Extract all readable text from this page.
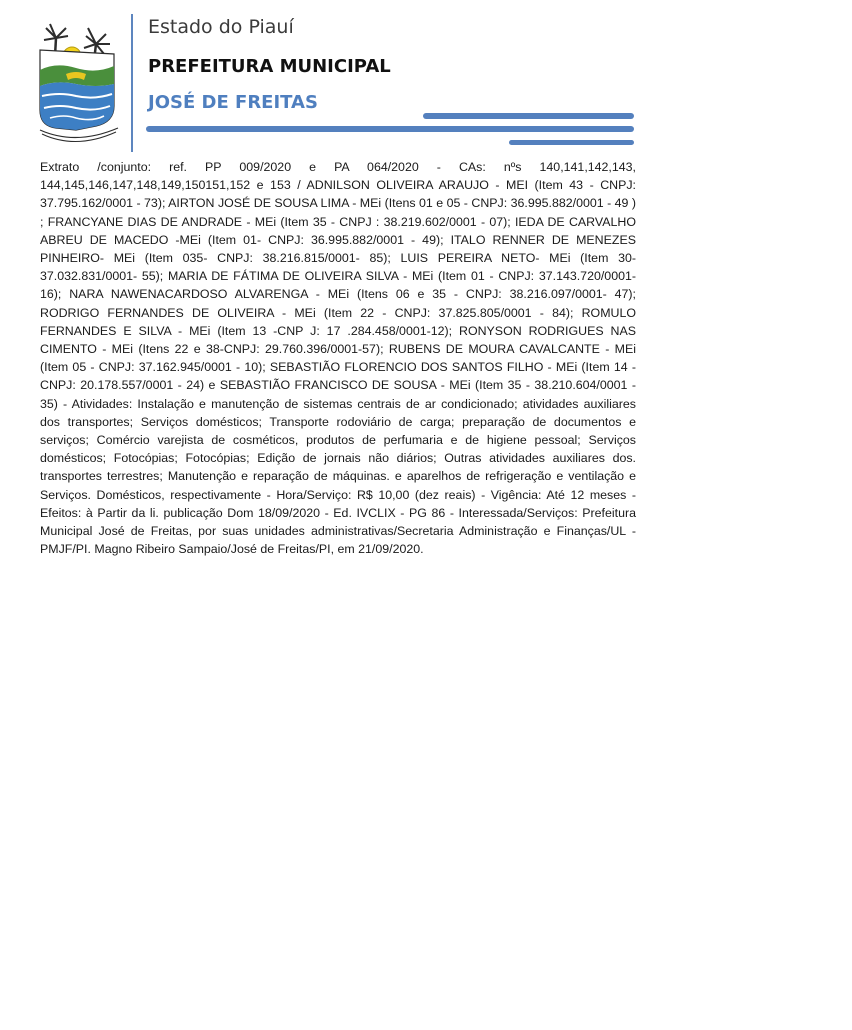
Estado do Piauí
PREFEITURA MUNICIPAL
JOSÉ DE FREITAS
Extrato /conjunto: ref. PP 009/2020 e PA 064/2020 - CAs: nºs 140,141,142,143, 144,145,146,147,148,149,150151,152 e 153 / ADNILSON OLIVEIRA ARAUJO - MEI (Item 43 - CNPJ: 37.795.162/0001 - 73); AIRTON JOSÉ DE SOUSA LIMA - MEi (Itens 01 e 05 - CNPJ: 36.995.882/0001 - 49 ) ; FRANCYANE DIAS DE ANDRADE - MEi (Item 35 - CNPJ : 38.219.602/0001 - 07); IEDA DE CARVALHO ABREU DE MACEDO -MEi (Item 01- CNPJ: 36.995.882/0001 - 49); ITALO RENNER DE MENEZES PINHEIRO- MEi (Item 035- CNPJ: 38.216.815/0001- 85); LUIS PEREIRA NETO- MEi (Item 30- 37.032.831/0001- 55); MARIA DE FÁTIMA DE OLIVEIRA SILVA - MEi (Item 01 - CNPJ: 37.143.720/0001-16); NARA NAWENACARDOSO ALVARENGA - MEi (Itens 06 e 35 - CNPJ: 38.216.097/0001- 47); RODRIGO FERNANDES DE OLIVEIRA - MEi (Item 22 - CNPJ: 37.825.805/0001 - 84); ROMULO FERNANDES E SILVA - MEi (Item 13 -CNP J: 17 .284.458/0001-12); RONYSON RODRIGUES NAS CIMENTO - MEi (Itens 22 e 38-CNPJ: 29.760.396/0001-57); RUBENS DE MOURA CAVALCANTE - MEi (Item 05 - CNPJ: 37.162.945/0001 - 10); SEBASTIÃO FLORENCIO DOS SANTOS FILHO - MEi (Item 14 - CNPJ: 20.178.557/0001 - 24) e SEBASTIÃO FRANCISCO DE SOUSA - MEi (Item 35 - 38.210.604/0001 - 35) - Atividades: Instalação e manutenção de sistemas centrais de ar condicionado; atividades auxiliares dos transportes; Serviços domésticos; Transporte rodoviário de carga; preparação de documentos e serviços; Comércio varejista de cosméticos, produtos de perfumaria e de higiene pessoal; Serviços domésticos; Fotocópias; Fotocópias; Edição de jornais não diários; Outras atividades auxiliares dos. transportes terrestres; Manutenção e reparação de máquinas. e aparelhos de refrigeração e ventilação e Serviços. Domésticos, respectivamente - Hora/Serviço: R$ 10,00 (dez reais) - Vigência: Até 12 meses - Efeitos: à Partir da li. publicação Dom 18/09/2020 - Ed. IVCLIX - PG 86 - Interessada/Serviços: Prefeitura Municipal José de Freitas, por suas unidades administrativas/Secretaria Administração e Finanças/UL - PMJF/PI. Magno Ribeiro Sampaio/José de Freitas/PI, em 21/09/2020.
